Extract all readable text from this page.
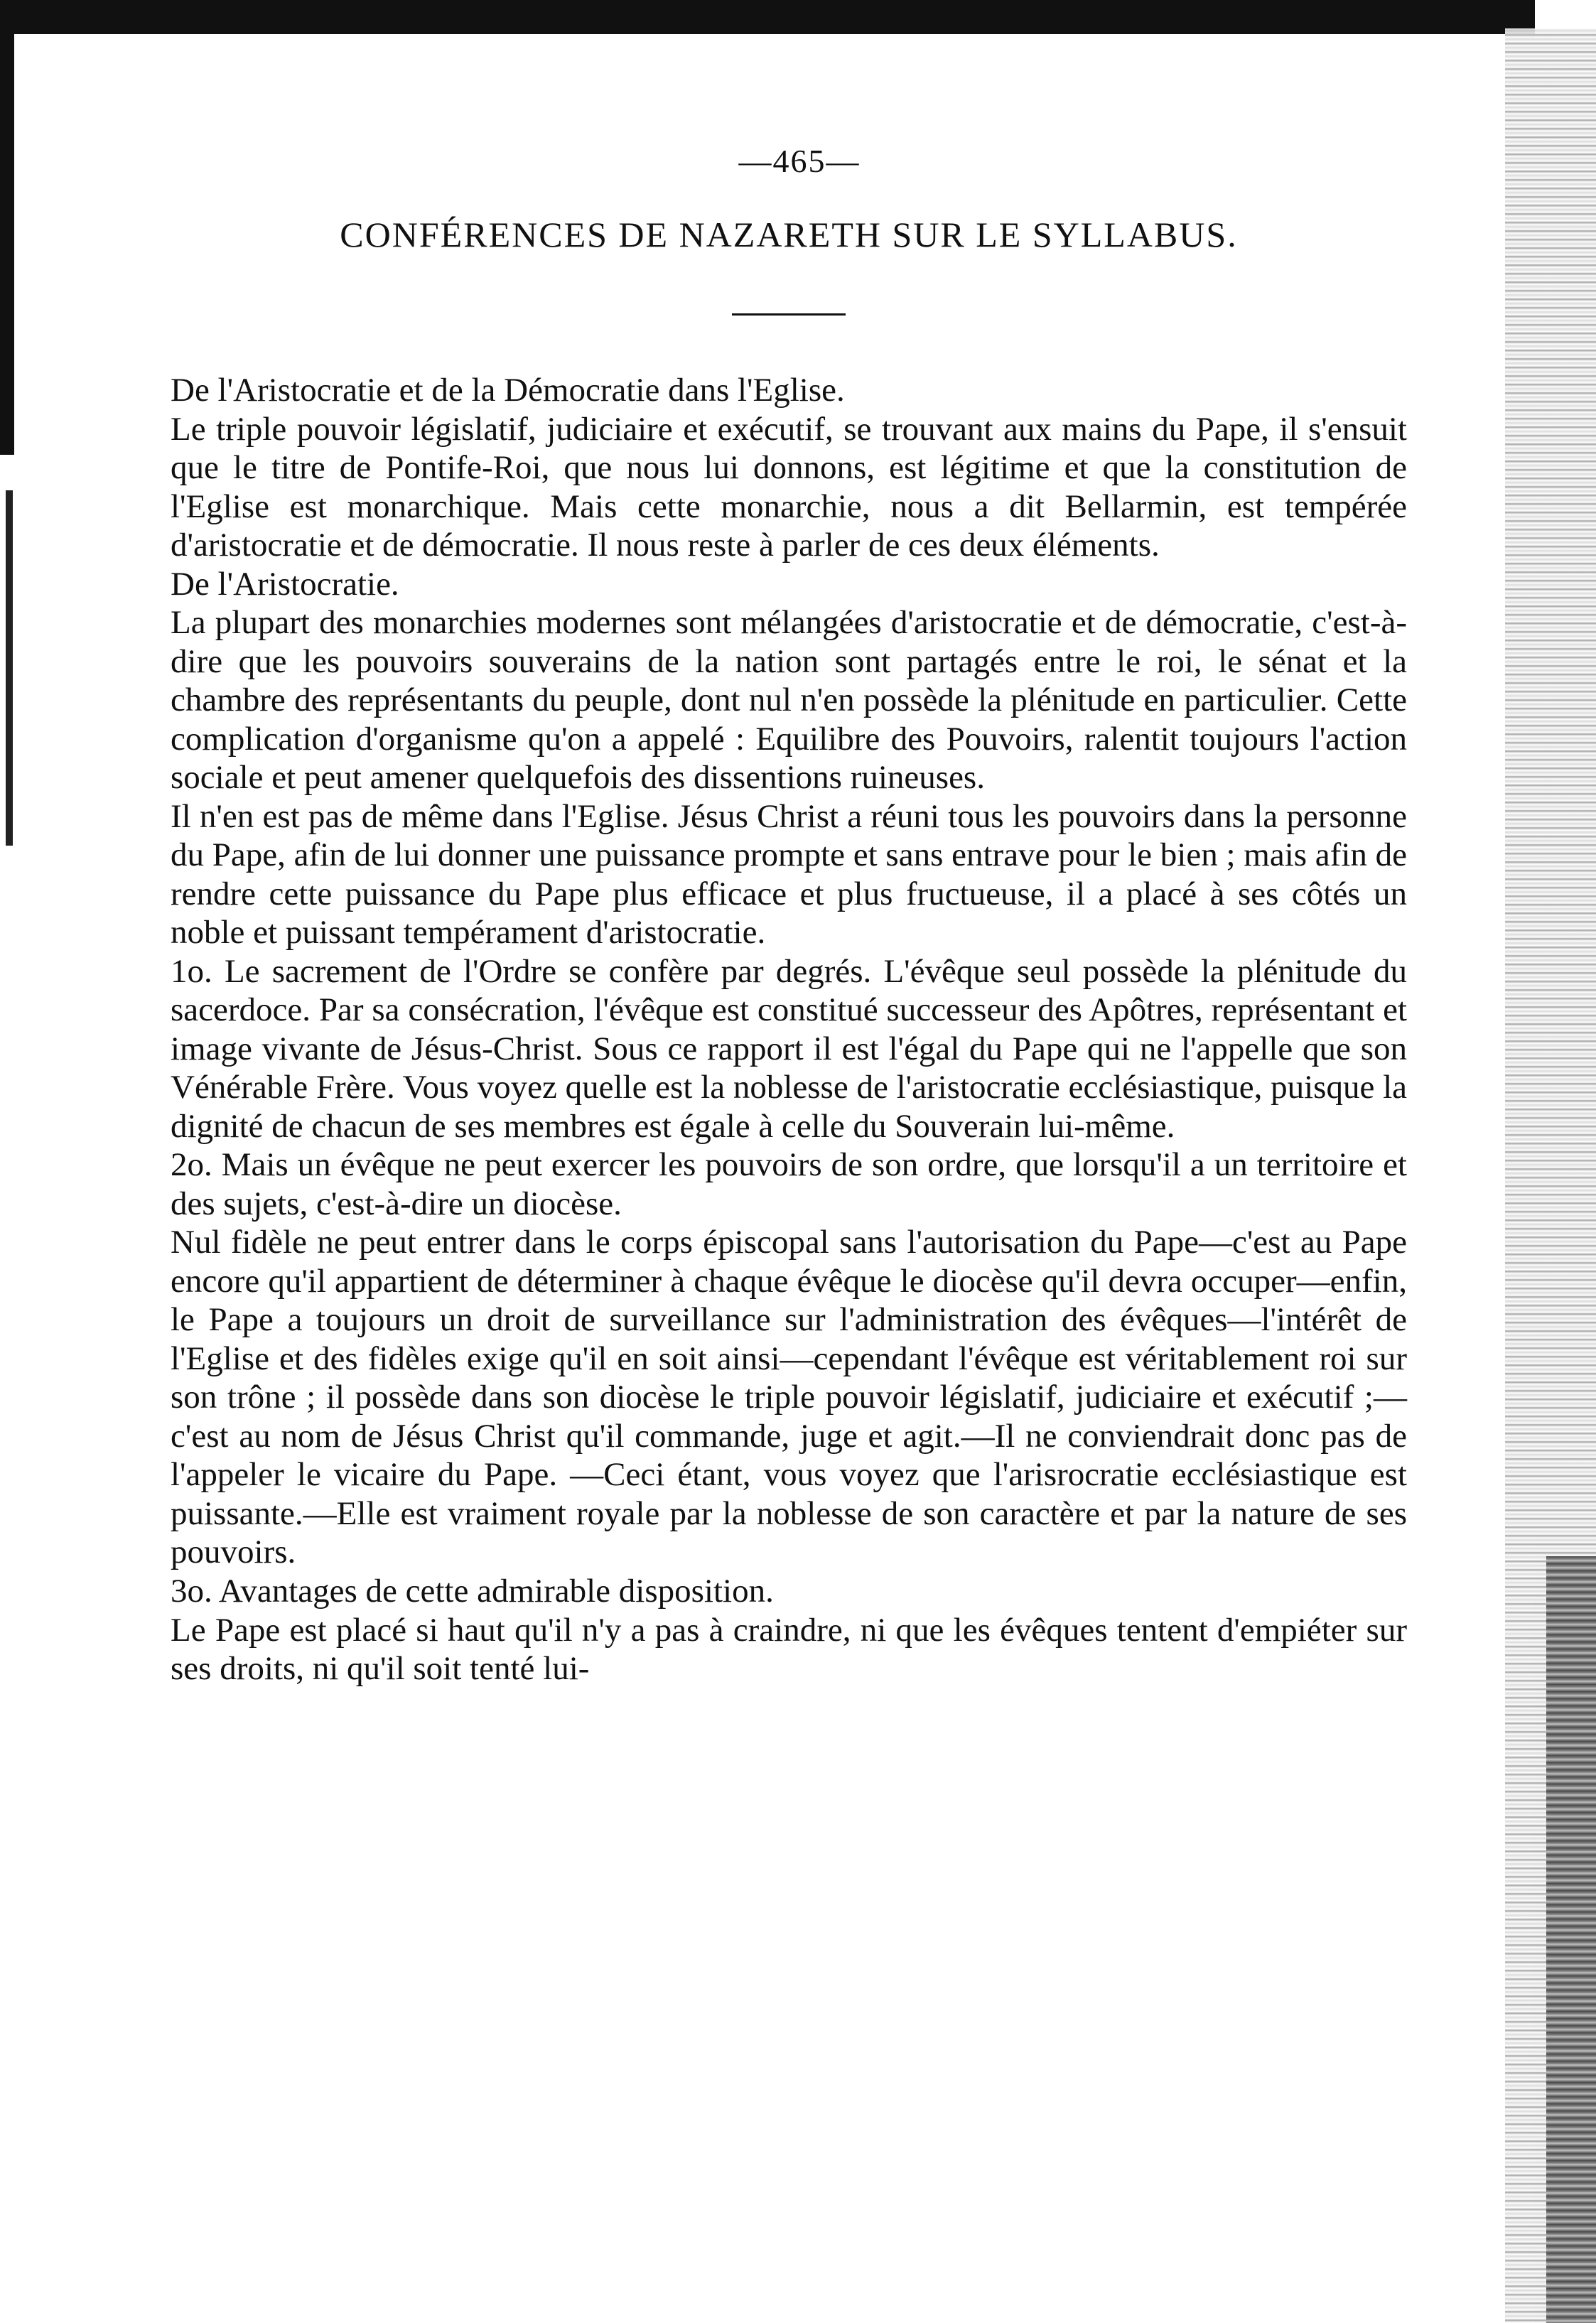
—465—
CONFÉRENCES DE NAZARETH SUR LE SYLLABUS.

De l'Aristocratie et de la Démocratie dans l'Eglise.

Le triple pouvoir législatif, judiciaire et exécutif, se trouvant aux mains du Pape, il s'ensuit que le titre de Pontife-Roi, que nous lui donnons, est légitime et que la constitution de l'Eglise est monarchique. Mais cette monarchie, nous a dit Bellarmin, est tempérée d'aristocratie et de démocratie. Il nous reste à parler de ces deux éléments.

De l'Aristocratie.

La plupart des monarchies modernes sont mélangées d'aristocratie et de démocratie, c'est-à-dire que les pouvoirs souverains de la nation sont partagés entre le roi, le sénat et la chambre des représentants du peuple, dont nul n'en possède la plénitude en particulier. Cette complication d'organisme qu'on a appelé : Equilibre des Pouvoirs, ralentit toujours l'action sociale et peut amener quelquefois des dissentions ruineuses.

Il n'en est pas de même dans l'Eglise. Jésus Christ a réuni tous les pouvoirs dans la personne du Pape, afin de lui donner une puissance prompte et sans entrave pour le bien ; mais afin de rendre cette puissance du Pape plus efficace et plus fructueuse, il a placé à ses côtés un noble et puissant tempérament d'aristocratie.

1o. Le sacrement de l'Ordre se confère par degrés. L'évêque seul possède la plénitude du sacerdoce. Par sa consécration, l'évêque est constitué successeur des Apôtres, représentant et image vivante de Jésus-Christ. Sous ce rapport il est l'égal du Pape qui ne l'appelle que son Vénérable Frère. Vous voyez quelle est la noblesse de l'aristocratie ecclésiastique, puisque la dignité de chacun de ses membres est égale à celle du Souverain lui-même.

2o. Mais un évêque ne peut exercer les pouvoirs de son ordre, que lorsqu'il a un territoire et des sujets, c'est-à-dire un diocèse.

Nul fidèle ne peut entrer dans le corps épiscopal sans l'autorisation du Pape—c'est au Pape encore qu'il appartient de déterminer à chaque évêque le diocèse qu'il devra occuper—enfin, le Pape a toujours un droit de surveillance sur l'administration des évêques—l'intérêt de l'Eglise et des fidèles exige qu'il en soit ainsi—cependant l'évêque est véritablement roi sur son trône ; il possède dans son diocèse le triple pouvoir législatif, judiciaire et exécutif ;—c'est au nom de Jésus Christ qu'il commande, juge et agit.—Il ne conviendrait donc pas de l'appeler le vicaire du Pape. —Ceci étant, vous voyez que l'arisrocratie ecclésiastique est puissante.—Elle est vraiment royale par la noblesse de son caractère et par la nature de ses pouvoirs.

3o. Avantages de cette admirable disposition.

Le Pape est placé si haut qu'il n'y a pas à craindre, ni que les évêques tentent d'empiéter sur ses droits, ni qu'il soit tenté lui-
